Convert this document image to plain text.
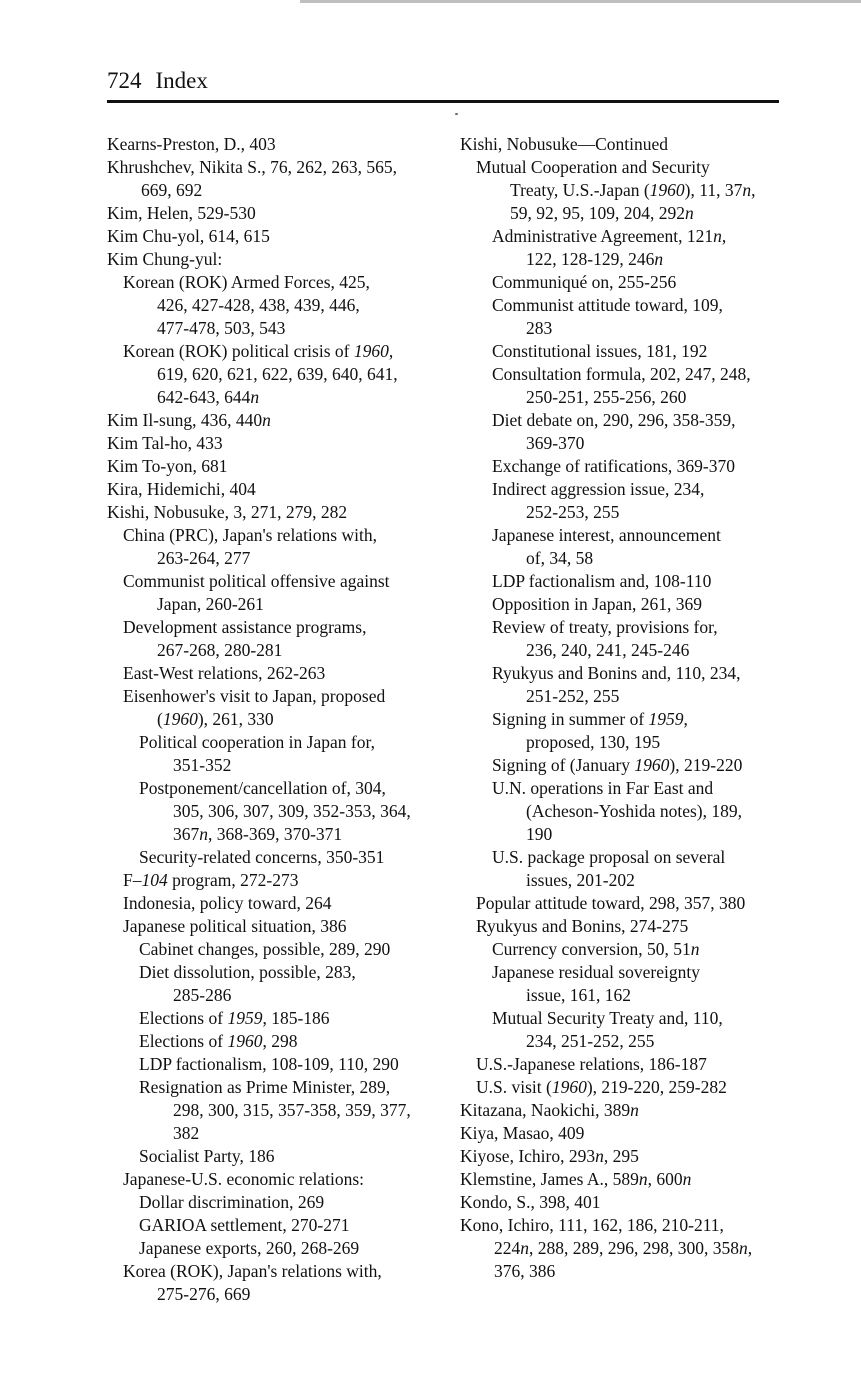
724 Index

Kearns-Preston, D., 403

Khrushchev, Nikita S., 76, 262, 263, 565,
669, 692

Kim, Helen, 529-530

Kim Chu-yol, 614, 615

Kim Chung-yul:

Korean (ROK) Armed Forces, 425,
426, 427-428, 438, 439, 446,
477-478, 503, 543

Korean (ROK) political crisis of 1960,
619, 620, 621, 622, 639, 640, 641,
642-643, 644n

Kim Il-sung, 436, 440n

Kim Tal-ho, 433

Kim To-yon, 681

Kira, Hidemichi, 404

Kishi, Nobusuke, 3, 271, 279, 282

China (PRC), Japan's relations with,
263-264, 277

Communist political offensive against
Japan, 260-261

Development assistance programs,
267-268, 280-281

East-West relations, 262-263

Eisenhower's visit to Japan, proposed
(1960), 261, 330

Political cooperation in Japan for,
351-352

Postponement/cancellation of, 304,
305, 306, 307, 309, 352-353, 364,
367n, 368-369, 370-371

Security-related concerns, 350-351

F–104 program, 272-273

Indonesia, policy toward, 264

Japanese political situation, 386

Cabinet changes, possible, 289, 290

Diet dissolution, possible, 283,
285-286

Elections of 1959, 185-186

Elections of 1960, 298

LDP factionalism, 108-109, 110, 290

Resignation as Prime Minister, 289,
298, 300, 315, 357-358, 359, 377,
382

Socialist Party, 186

Japanese-U.S. economic relations:

Dollar discrimination, 269

GARIOA settlement, 270-271

Japanese exports, 260, 268-269

Korea (ROK), Japan's relations with,
275-276, 669

Kishi, Nobusuke—Continued

Mutual Cooperation and Security
Treaty, U.S.-Japan (1960), 11, 37n,
59, 92, 95, 109, 204, 292n

Administrative Agreement, 121n,
122, 128-129, 246n

Communiqué on, 255-256

Communist attitude toward, 109,
283

Constitutional issues, 181, 192

Consultation formula, 202, 247, 248,
250-251, 255-256, 260

Diet debate on, 290, 296, 358-359,
369-370

Exchange of ratifications, 369-370

Indirect aggression issue, 234,
252-253, 255

Japanese interest, announcement
of, 34, 58

LDP factionalism and, 108-110

Opposition in Japan, 261, 369

Review of treaty, provisions for,
236, 240, 241, 245-246

Ryukyus and Bonins and, 110, 234,
251-252, 255

Signing in summer of 1959,
proposed, 130, 195

Signing of (January 1960), 219-220

U.N. operations in Far East and
(Acheson-Yoshida notes), 189,
190

U.S. package proposal on several
issues, 201-202

Popular attitude toward, 298, 357, 380

Ryukyus and Bonins, 274-275

Currency conversion, 50, 51n

Japanese residual sovereignty
issue, 161, 162

Mutual Security Treaty and, 110,
234, 251-252, 255

U.S.-Japanese relations, 186-187

U.S. visit (1960), 219-220, 259-282

Kitazana, Naokichi, 389n

Kiya, Masao, 409

Kiyose, Ichiro, 293n, 295

Klemstine, James A., 589n, 600n

Kondo, S., 398, 401

Kono, Ichiro, 111, 162, 186, 210-211,
224n, 288, 289, 296, 298, 300, 358n,
376, 386
